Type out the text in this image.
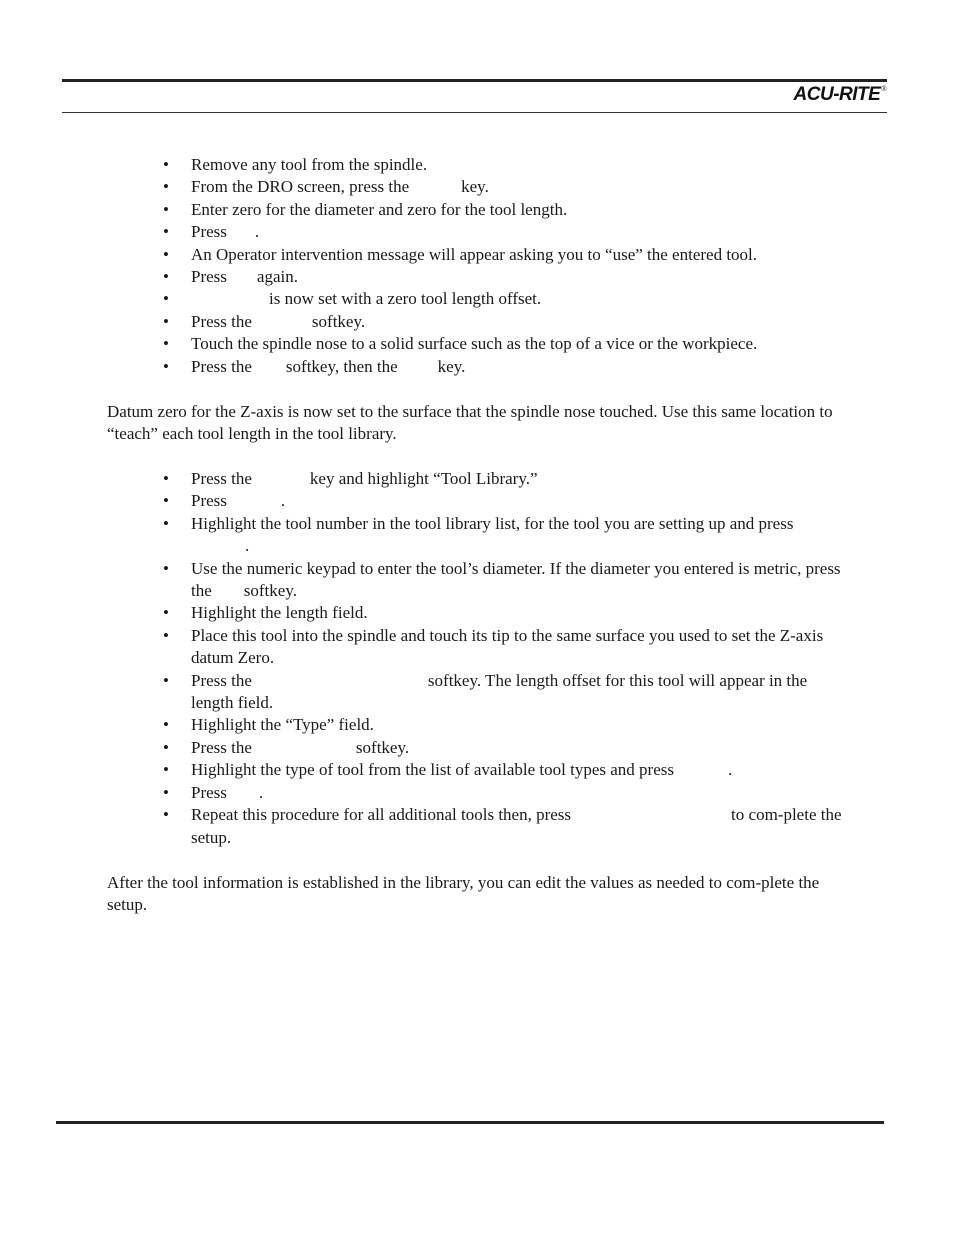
ACU-RITE®
• Remove any tool from the spindle.
• From the DRO screen, press the	key.
• Enter zero for the diameter and zero for the tool length.
• Press .
• An Operator intervention message will appear asking you to “use” the entered tool.
• Press again.
•	is now set with a zero tool length offset.
• Press the	softkey.
• Touch the spindle nose to a solid surface such as the top of a vice or the workpiece.
• Press the softkey, then the key.

Datum zero for the Z-axis is now set to the surface that the spindle nose touched. Use this same location to “teach” each tool length in the tool library.

• Press the	key and highlight “Tool Library.”
• Press	.
• Highlight the tool number in the tool library list, for the tool you are setting up and press.
• Use the numeric keypad to enter the tool’s diameter. If the diameter you entered is metric, press the softkey.
• Highlight the length field.
• Place this tool into the spindle and touch its tip to the same surface you used to set the Z-axis datum Zero.
• Press the	softkey. The length offset for this tool will appear in the length field.
• Highlight the “Type” field.
• Press the	softkey.
• Highlight the type of tool from the list of available tool types and press	.
• Press .
• Repeat this procedure for all additional tools then, press	to com-plete the setup.

After the tool information is established in the library, you can edit the values as needed to com-plete the setup.
